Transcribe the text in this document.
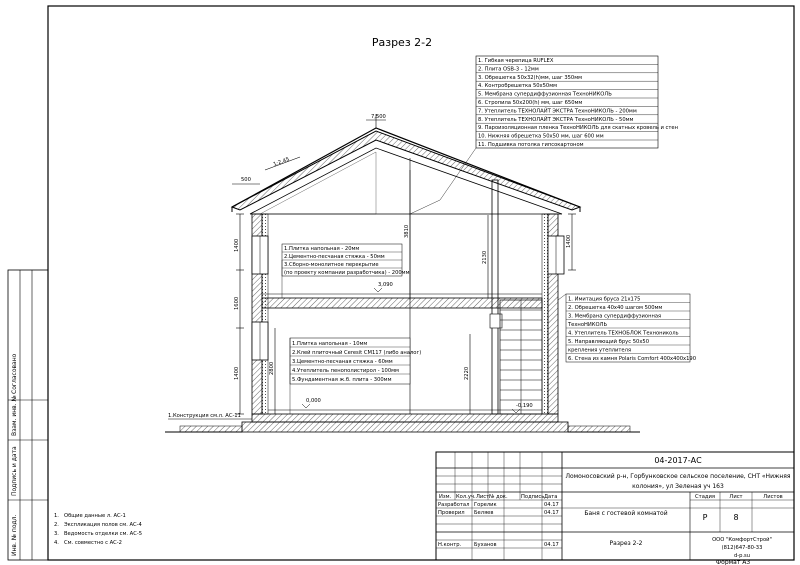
Согласовано
Взам. инв. №
Подпись и дата
Инв. № подл.
Разрез 2-2
7,500
500
1:2,45
1400
1600
1400	2800
3810
2130
2220
1400
3,090
0,000
-0,190
1.Конструкция см.л. АС-11
1. Гибкая черепица RUFLEX
2. Плита OSB-3 - 12мм
3. Обрешетка 50х32(h)мм, шаг 350мм
4. Контробрешетка 50х50мм
5. Мембрана супердиффузионная ТехноНИКОЛЬ
6. Стропила 50х200(h) мм, шаг 650мм
7. Утеплитель ТЕХНОЛАЙТ ЭКСТРА ТехноНИКОЛЬ - 200мм
8. Утеплитель ТЕХНОЛАЙТ ЭКСТРА ТехноНИКОЛЬ - 50мм
9. Пароизоляционная пленка ТехноНИКОЛЬ для скатных кровель и стен
10. Нижняя обрешетка 50х50 мм, шаг 600 мм
11. Подшивка потолка гипсокартоном
1.Плитка напольная - 20мм
2.Цементно-песчаная стяжка - 50мм
3.Сборно-монолитное перекрытие
(по проекту компании разработчика) - 200мм
1.Плитка напольная - 10мм
2.Клей плиточный Ceresit CM117 (либо аналог)
3.Цементно-песчаная стяжка - 60мм
4.Утеплитель пенополистирол - 100мм
5.Фундаментная ж.б. плита - 300мм
1. Имитация бруса 21х175
2. Обрешетка 40х40 шагом 500мм
3. Мембрана супердиффузионная
ТехноНИКОЛЬ
4. Утеплитель ТЕХНОБЛОК Технониколь
5. Направляющий брус 50х50
крепления утеплителя
6. Стена из камня Polaris Comfort 400х400х190
1. Общие данные л. АС-1
2. Экспликация полов см. АС-4
3. Ведомость отделки см. АС-5
4. См. совместно с АС-2
04-2017-АС
Ломоносовский р-н, Горбунковское сельское поселение, СНТ «Нижняя
колония», ул Зеленая уч 163
Изм. Кол.уч. Лист № док.	Подпись Дата
Разработал Горелик	04.17
Проверил Беляев	04.17
Н.контр. Буханов	04.17
Баня с гостевой комнатой
Разрез 2-2
Стадия	Лист	Листов
Р	8
ООО "КомфортСтрой"
(812)647-80-33
d-p.su
Формат А3
